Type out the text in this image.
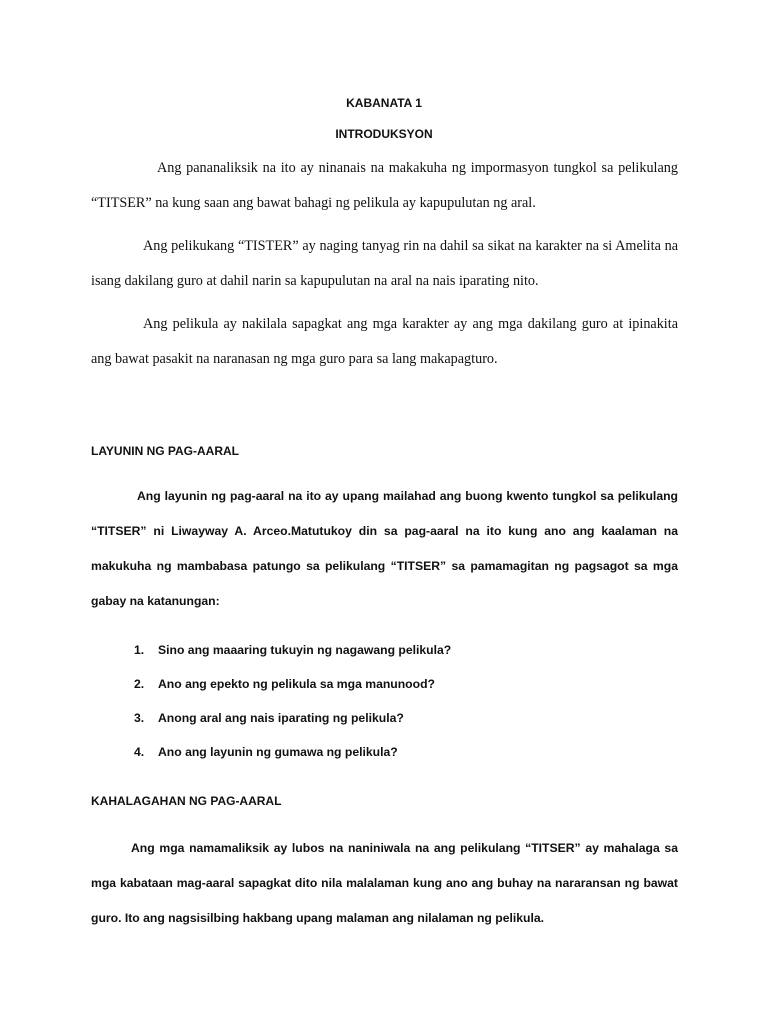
KABANATA 1
INTRODUKSYON

Ang pananaliksik na ito ay ninanais na makakuha ng impormasyon tungkol sa pelikulang “TITSER” na kung saan ang bawat bahagi ng pelikula ay kapupulutan ng aral.

Ang pelikukang “TISTER” ay naging tanyag rin na dahil sa sikat na karakter na si Amelita na isang dakilang guro at dahil narin sa kapupulutan na aral na nais iparating nito.

Ang pelikula ay nakilala sapagkat ang mga karakter ay ang mga dakilang guro at ipinakita ang bawat pasakit na naranasan ng mga guro para sa lang makapagturo.

LAYUNIN NG PAG-AARAL

Ang layunin ng pag-aaral na ito ay upang mailahad ang buong kwento tungkol sa pelikulang “TITSER” ni Liwayway A. Arceo.Matutukoy din sa pag-aaral na ito kung ano ang kaalaman na makukuha ng mambabasa patungo sa pelikulang “TITSER” sa pamamagitan ng pagsagot sa mga gabay na katanungan:

1. Sino ang maaaring tukuyin ng nagawang pelikula?
2. Ano ang epekto ng pelikula sa mga manunood?
3. Anong aral ang nais iparating ng pelikula?
4. Ano ang layunin ng gumawa ng pelikula?
KAHALAGAHAN NG PAG-AARAL

Ang mga namamaliksik ay lubos na naniniwala na ang pelikulang “TITSER” ay mahalaga sa mga kabataan mag-aaral sapagkat dito nila malalaman kung ano ang buhay na nararansan ng bawat guro. Ito ang nagsisilbing hakbang upang malaman ang nilalaman ng pelikula.
